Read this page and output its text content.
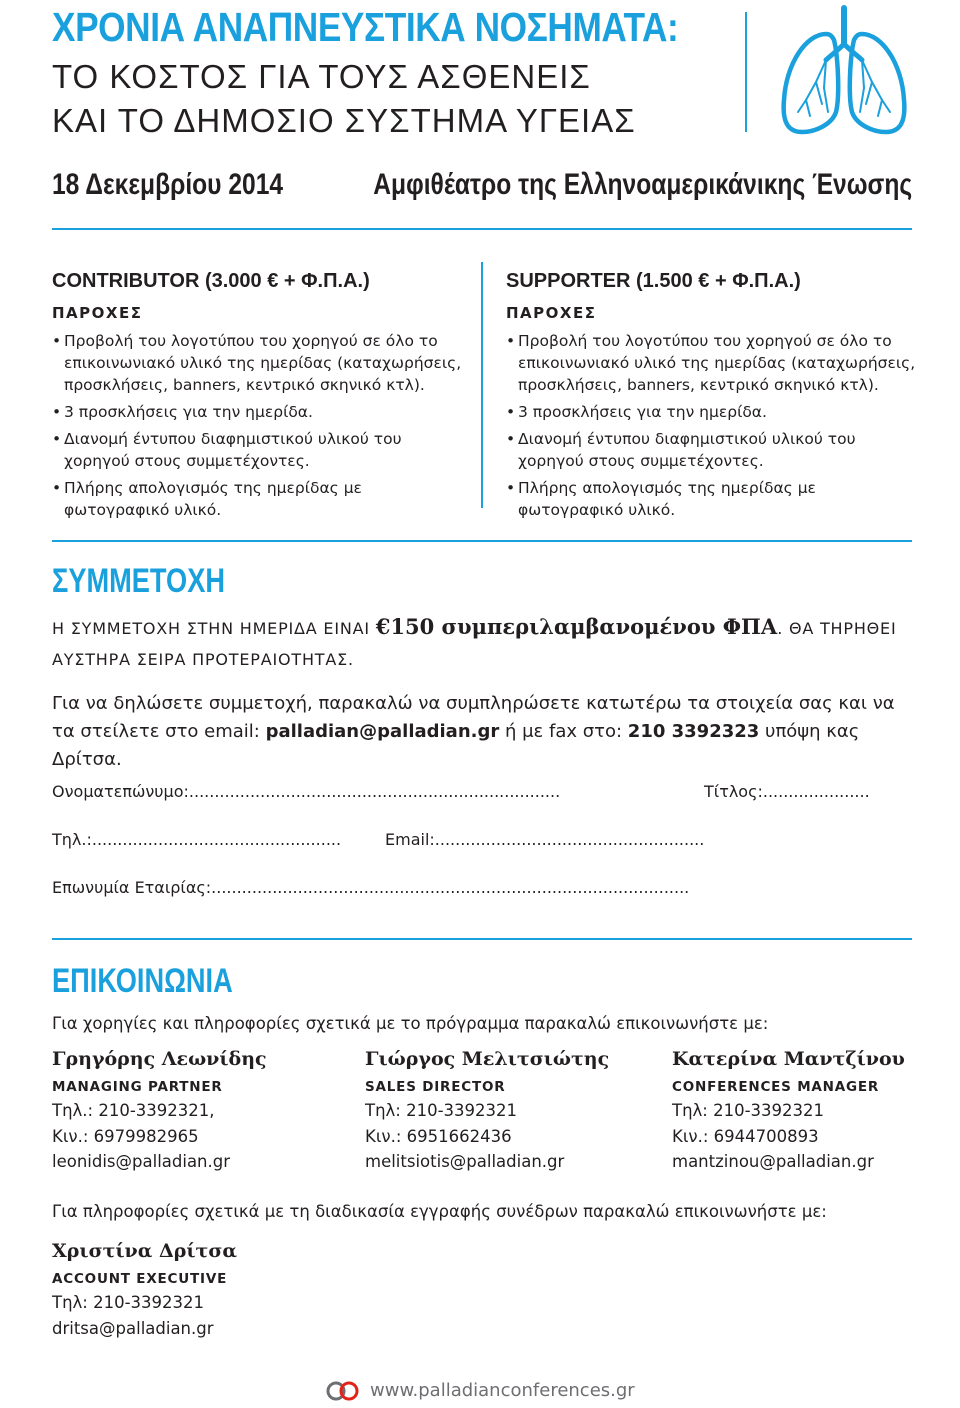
ΧΡΟΝΙΑ ΑΝΑΠΝΕΥΣΤΙΚΑ ΝΟΣΗΜΑΤΑ:
ΤΟ ΚΟΣΤΟΣ ΓΙΑ ΤΟΥΣ ΑΣΘΕΝΕΙΣ
ΚΑΙ ΤΟ ΔΗΜΟΣΙΟ ΣΥΣΤΗΜΑ ΥΓΕΙΑΣ
18 Δεκεμβρίου 2014	Αμφιθέατρο της Ελληνοαμερικάνικης Ένωσης
CONTRIBUTOR (3.000 € + Φ.Π.Α.)
ΠΑΡΟΧΕΣ
• Προβολή του λογοτύπου του χορηγού σε όλο το επικοινωνιακό υλικό της ημερίδας (καταχωρήσεις, προσκλήσεις, banners, κεντρικό σκηνικό κτλ).
• 3 προσκλήσεις για την ημερίδα.
• Διανομή έντυπου διαφημιστικού υλικού του χορηγού στους συμμετέχοντες.
• Πλήρης απολογισμός της ημερίδας με φωτογραφικό υλικό.
SUPPORTER (1.500 € + Φ.Π.Α.)
ΠΑΡΟΧΕΣ
• Προβολή του λογοτύπου του χορηγού σε όλο το επικοινωνιακό υλικό της ημερίδας (καταχωρήσεις, προσκλήσεις, banners, κεντρικό σκηνικό κτλ).
• 3 προσκλήσεις για την ημερίδα.
• Διανομή έντυπου διαφημιστικού υλικού του χορηγού στους συμμετέχοντες.
• Πλήρης απολογισμός της ημερίδας με φωτογραφικό υλικό.
ΣΥΜΜΕΤΟΧΗ
Η ΣΥΜΜΕΤΟΧΗ ΣΤΗΝ ΗΜΕΡΙΔΑ ΕΙΝΑΙ €150 συμπεριλαμβανομένου ΦΠΑ. ΘΑ ΤΗΡΗΘΕΙ
ΑΥΣΤΗΡΑ ΣΕΙΡΑ ΠΡΟΤΕΡΑΙΟΤΗΤΑΣ.
Για να δηλώσετε συμμετοχή, παρακαλώ να συμπληρώσετε κατωτέρω τα στοιχεία σας και να τα στείλετε στο email: palladian@palladian.gr ή με fax στο: 210 3392323 υπόψη κας Δρίτσα.
Ονοματεπώνυμο:.........................................................................	Τίτλος:.....................
Τηλ.:.................................................	Email:.....................................................
Επωνυμία Εταιρίας:..............................................................................................
ΕΠΙΚΟΙΝΩΝΙΑ
Για χορηγίες και πληροφορίες σχετικά με το πρόγραμμα παρακαλώ επικοινωνήστε με:
Γρηγόρης Λεωνίδης
MANAGING PARTNER
Τηλ.: 210-3392321,
Κιν.: 6979982965
leonidis@palladian.gr
Γιώργος Μελιτσιώτης
SALES DIRECTOR
Τηλ: 210-3392321
Κιν.: 6951662436
melitsiotis@palladian.gr
Κατερίνα Μαντζίνου
CONFERENCES MANAGER
Τηλ: 210-3392321
Κιν.: 6944700893
mantzinou@palladian.gr
Για πληροφορίες σχετικά με τη διαδικασία εγγραφής συνέδρων παρακαλώ επικοινωνήστε με:
Χριστίνα Δρίτσα
ACCOUNT EXECUTIVE
Τηλ: 210-3392321
dritsa@palladian.gr
www.palladianconferences.gr
